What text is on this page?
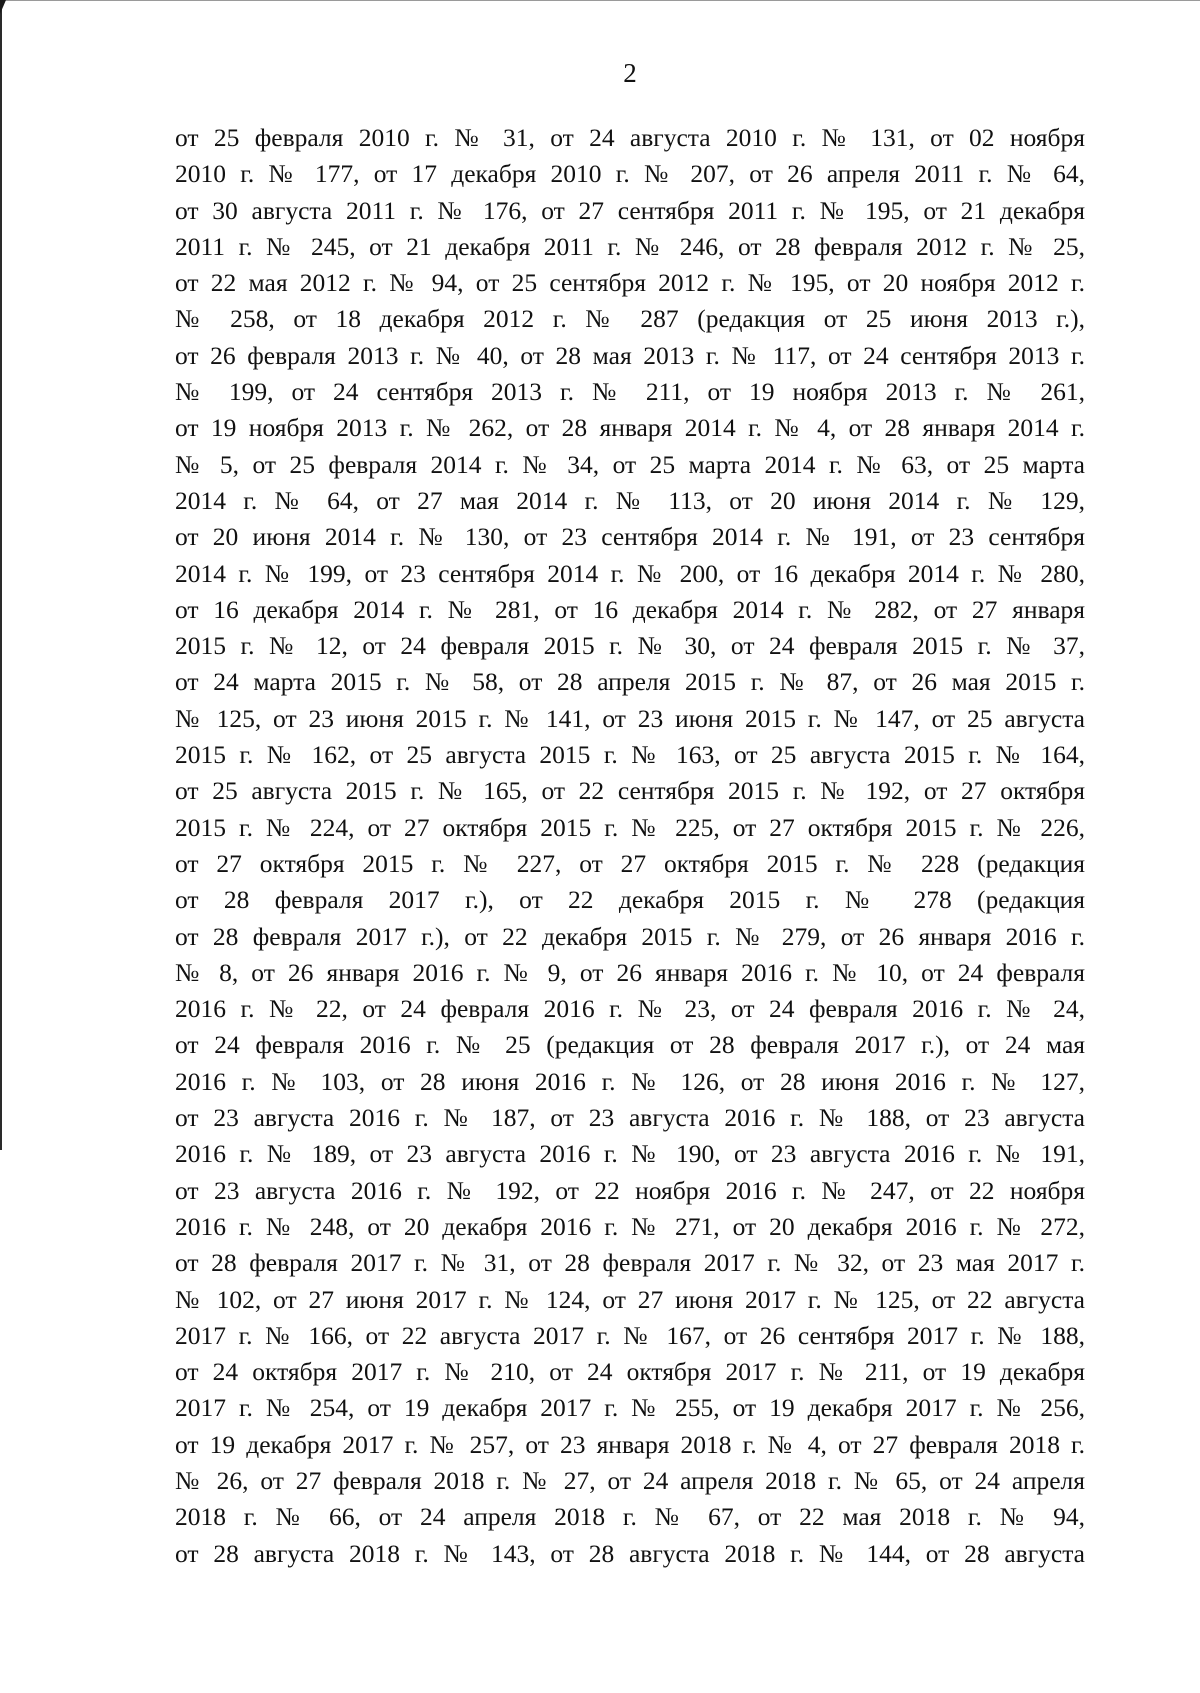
2
от 25 февраля 2010 г. № 31, от 24 августа 2010 г. № 131, от 02 ноября
2010 г. № 177, от 17 декабря 2010 г. № 207, от 26 апреля 2011 г. № 64,
от 30 августа 2011 г. № 176, от 27 сентября 2011 г. № 195, от 21 декабря
2011 г. № 245, от 21 декабря 2011 г. № 246, от 28 февраля 2012 г. № 25,
от 22 мая 2012 г. № 94, от 25 сентября 2012 г. № 195, от 20 ноября 2012 г.
№ 258, от 18 декабря 2012 г. № 287 (редакция от 25 июня 2013 г.),
от 26 февраля 2013 г. № 40, от 28 мая 2013 г. № 117, от 24 сентября 2013 г.
№ 199, от 24 сентября 2013 г. № 211, от 19 ноября 2013 г. № 261,
от 19 ноября 2013 г. № 262, от 28 января 2014 г. № 4, от 28 января 2014 г.
№ 5, от 25 февраля 2014 г. № 34, от 25 марта 2014 г. № 63, от 25 марта
2014 г. № 64, от 27 мая 2014 г. № 113, от 20 июня 2014 г. № 129,
от 20 июня 2014 г. № 130, от 23 сентября 2014 г. № 191, от 23 сентября
2014 г. № 199, от 23 сентября 2014 г. № 200, от 16 декабря 2014 г. № 280,
от 16 декабря 2014 г. № 281, от 16 декабря 2014 г. № 282, от 27 января
2015 г. № 12, от 24 февраля 2015 г. № 30, от 24 февраля 2015 г. № 37,
от 24 марта 2015 г. № 58, от 28 апреля 2015 г. № 87, от 26 мая 2015 г.
№ 125, от 23 июня 2015 г. № 141, от 23 июня 2015 г. № 147, от 25 августа
2015 г. № 162, от 25 августа 2015 г. № 163, от 25 августа 2015 г. № 164,
от 25 августа 2015 г. № 165, от 22 сентября 2015 г. № 192, от 27 октября
2015 г. № 224, от 27 октября 2015 г. № 225, от 27 октября 2015 г. № 226,
от 27 октября 2015 г. № 227, от 27 октября 2015 г. № 228 (редакция
от 28 февраля 2017 г.), от 22 декабря 2015 г. № 278 (редакция
от 28 февраля 2017 г.), от 22 декабря 2015 г. № 279, от 26 января 2016 г.
№ 8, от 26 января 2016 г. № 9, от 26 января 2016 г. № 10, от 24 февраля
2016 г. № 22, от 24 февраля 2016 г. № 23, от 24 февраля 2016 г. № 24,
от 24 февраля 2016 г. № 25 (редакция от 28 февраля 2017 г.), от 24 мая
2016 г. № 103, от 28 июня 2016 г. № 126, от 28 июня 2016 г. № 127,
от 23 августа 2016 г. № 187, от 23 августа 2016 г. № 188, от 23 августа
2016 г. № 189, от 23 августа 2016 г. № 190, от 23 августа 2016 г. № 191,
от 23 августа 2016 г. № 192, от 22 ноября 2016 г. № 247, от 22 ноября
2016 г. № 248, от 20 декабря 2016 г. № 271, от 20 декабря 2016 г. № 272,
от 28 февраля 2017 г. № 31, от 28 февраля 2017 г. № 32, от 23 мая 2017 г.
№ 102, от 27 июня 2017 г. № 124, от 27 июня 2017 г. № 125, от 22 августа
2017 г. № 166, от 22 августа 2017 г. № 167, от 26 сентября 2017 г. № 188,
от 24 октября 2017 г. № 210, от 24 октября 2017 г. № 211, от 19 декабря
2017 г. № 254, от 19 декабря 2017 г. № 255, от 19 декабря 2017 г. № 256,
от 19 декабря 2017 г. № 257, от 23 января 2018 г. № 4, от 27 февраля 2018 г.
№ 26, от 27 февраля 2018 г. № 27, от 24 апреля 2018 г. № 65, от 24 апреля
2018 г. № 66, от 24 апреля 2018 г. № 67, от 22 мая 2018 г. № 94,
от 28 августа 2018 г. № 143, от 28 августа 2018 г. № 144, от 28 августа
